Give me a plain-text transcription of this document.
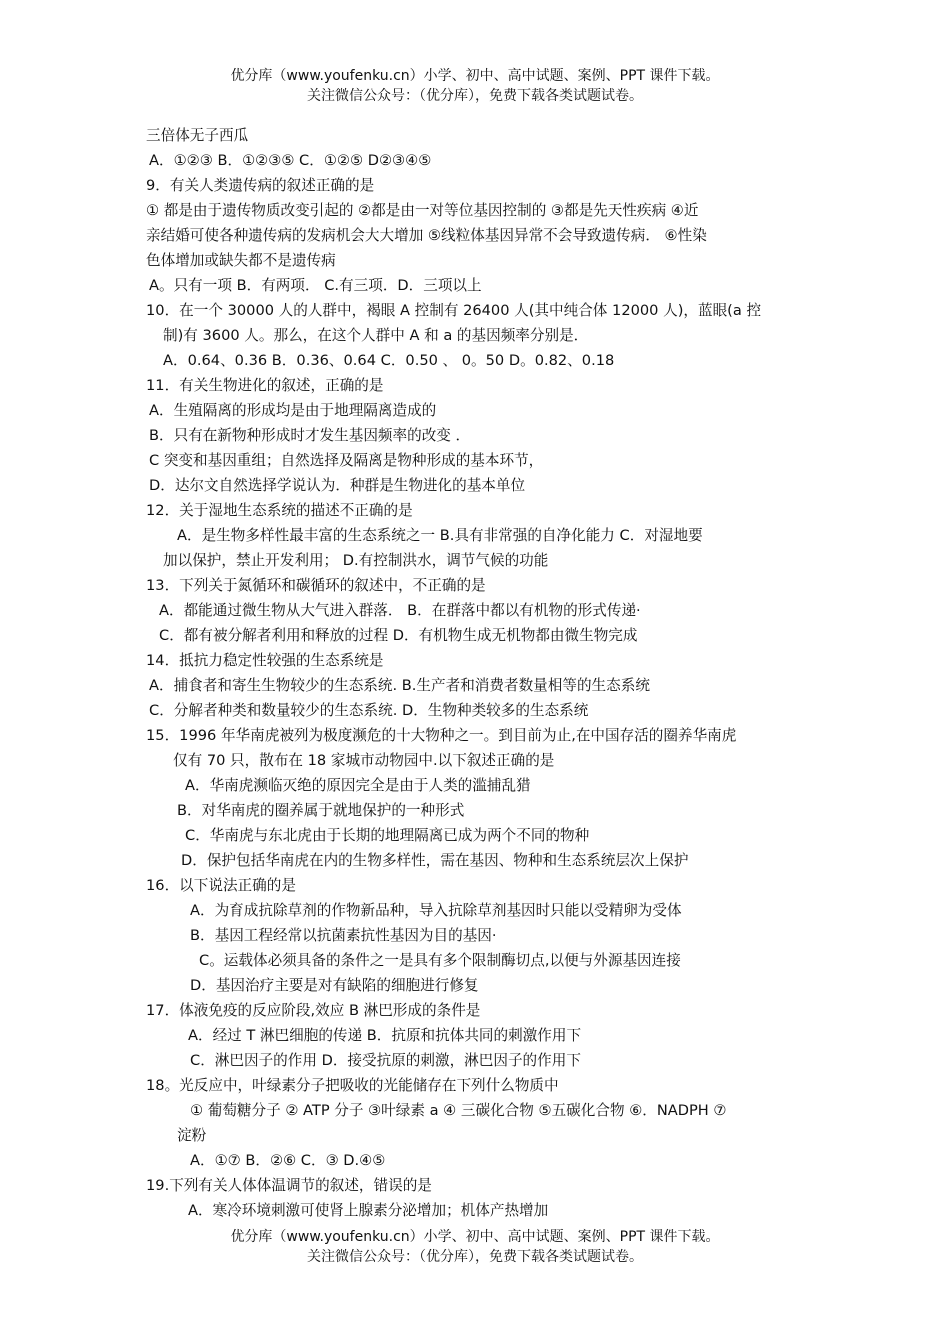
优分库（www.youfenku.cn）小学、初中、高中试题、案例、PPT 课件下载。
关注微信公众号：（优分库），免费下载各类试题试卷。
三倍体无子西瓜
A．①②③ B．①②③⑤ C．①②⑤ D②③④⑤
9．有关人类遗传病的叙述正确的是
① 都是由于遗传物质改变引起的 ②都是由一对等位基因控制的 ③都是先天性疾病 ④近
亲结婚可使各种遗传病的发病机会大大增加 ⑤线粒体基因异常不会导致遗传病． ⑥性染
色体增加或缺失都不是遗传病
A。只有一项 B．有两项． C.有三项．D．三项以上
10．在一个 30000 人的人群中，褐眼 A 控制有 26400 人(其中纯合体 12000 人)，蓝眼(a 控
制)有 3600 人。那么，在这个人群中 A 和 a 的基因频率分别是．
A．0.64、0.36 B．0.36、0.64 C．0.50 、 0。50 D。0.82、0.18
11．有关生物进化的叙述，正确的是
A．生殖隔离的形成均是由于地理隔离造成的
B．只有在新物种形成时才发生基因频率的改变 ．
C 突变和基因重组；自然选择及隔离是物种形成的基本环节，
D．达尔文自然选择学说认为．种群是生物进化的基本单位
12．关于湿地生态系统的描述不正确的是
A．是生物多样性最丰富的生态系统之一 B.具有非常强的自净化能力 C．对湿地要
加以保护，禁止开发利用； D.有控制洪水，调节气候的功能
13．下列关于氮循环和碳循环的叙述中，不正确的是
A．都能通过微生物从大气进入群落． B．在群落中都以有机物的形式传递·
C．都有被分解者利用和释放的过程 D．有机物生成无机物都由微生物完成
14．抵抗力稳定性较强的生态系统是
A．捕食者和寄生生物较少的生态系统. B.生产者和消费者数量相等的生态系统
C．分解者种类和数量较少的生态系统. D．生物种类较多的生态系统
15．1996 年华南虎被列为极度濒危的十大物种之一。到目前为止,在中国存活的圈养华南虎
仅有 70 只，散布在 18 家城市动物园中.以下叙述正确的是
A．华南虎濒临灭绝的原因完全是由于人类的滥捕乱猎
B．对华南虎的圈养属于就地保护的一种形式
C．华南虎与东北虎由于长期的地理隔离已成为两个不同的物种
D．保护包括华南虎在内的生物多样性，需在基因、物种和生态系统层次上保护
16．以下说法正确的是
A．为育成抗除草剂的作物新品种，导入抗除草剂基因时只能以受精卵为受体
B．基因工程经常以抗菌素抗性基因为目的基因·
C。运载体必须具备的条件之一是具有多个限制酶切点,以便与外源基因连接
D．基因治疗主要是对有缺陷的细胞进行修复
17．体液免疫的反应阶段,效应 B 淋巴形成的条件是
A．经过 T 淋巴细胞的传递 B．抗原和抗体共同的刺激作用下
C．淋巴因子的作用 D．接受抗原的刺激，淋巴因子的作用下
18。光反应中，叶绿素分子把吸收的光能储存在下列什么物质中
① 葡萄糖分子 ② ATP 分子 ③叶绿素 a ④ 三碳化合物 ⑤五碳化合物 ⑥．NADPH ⑦
淀粉
A．①⑦ B．②⑥ C．③ D.④⑤
19.下列有关人体体温调节的叙述，错误的是
A．寒冷环境刺激可使肾上腺素分泌增加；机体产热增加
优分库（www.youfenku.cn）小学、初中、高中试题、案例、PPT 课件下载。
关注微信公众号：（优分库），免费下载各类试题试卷。
